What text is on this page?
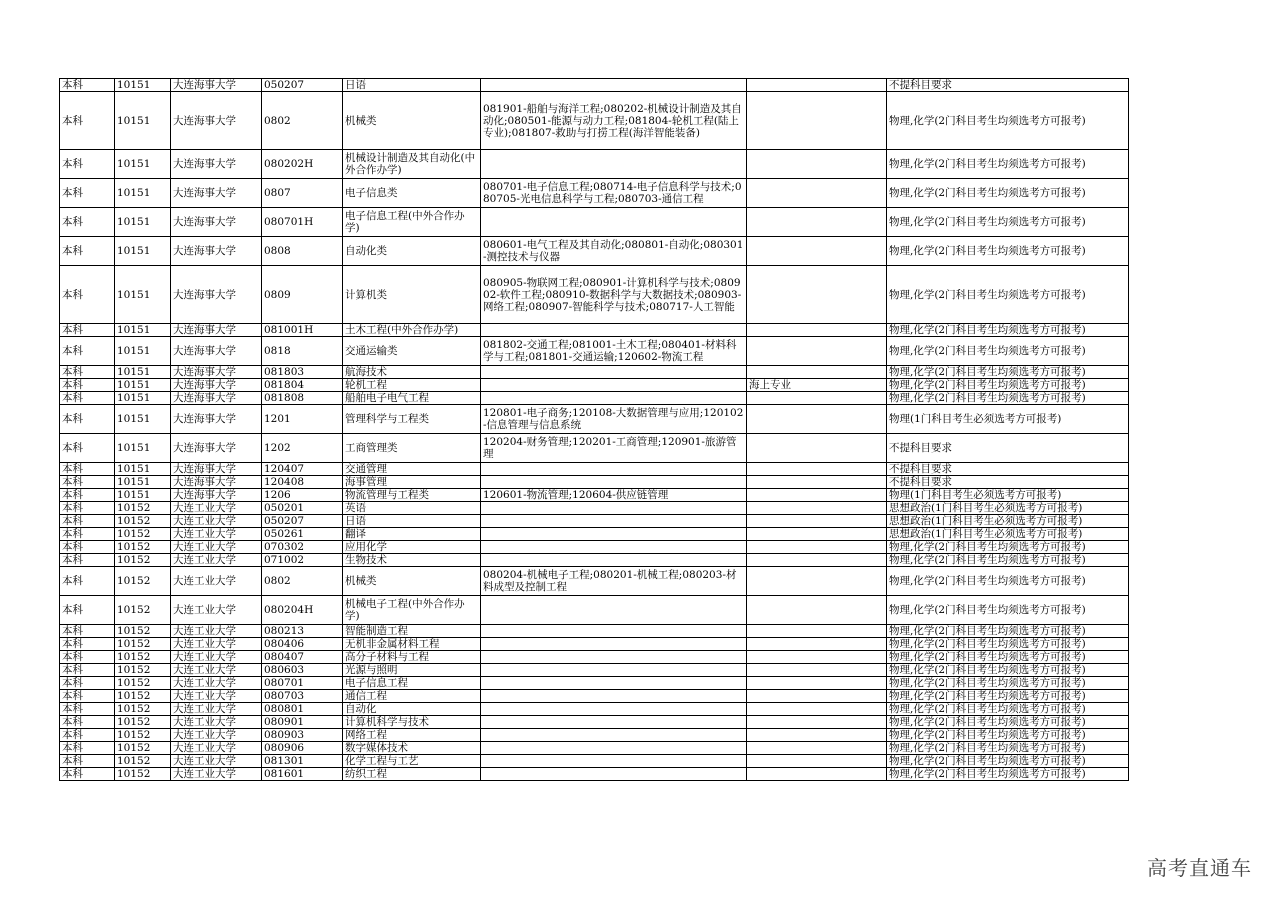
本科	10151	大连海事大学	050207	日语			不提科目要求
本科	10151	大连海事大学	0802	机械类	081901-船舶与海洋工程;080202-机械设计制造及其自动化;080501-能源与动力工程;081804-轮机工程(陆上专业);081807-救助与打捞工程(海洋智能装备)		物理,化学(2门科目考生均须选考方可报考)
本科	10151	大连海事大学	080202H	机械设计制造及其自动化(中外合作办学)			物理,化学(2门科目考生均须选考方可报考)
本科	10151	大连海事大学	0807	电子信息类	080701-电子信息工程;080714-电子信息科学与技术;080705-光电信息科学与工程;080703-通信工程		物理,化学(2门科目考生均须选考方可报考)
本科	10151	大连海事大学	080701H	电子信息工程(中外合作办学)			物理,化学(2门科目考生均须选考方可报考)
本科	10151	大连海事大学	0808	自动化类	080601-电气工程及其自动化;080801-自动化;080301-测控技术与仪器		物理,化学(2门科目考生均须选考方可报考)
本科	10151	大连海事大学	0809	计算机类	080905-物联网工程;080901-计算机科学与技术;080902-软件工程;080910-数据科学与大数据技术;080903-网络工程;080907-智能科学与技术;080717-人工智能		物理,化学(2门科目考生均须选考方可报考)
本科	10151	大连海事大学	081001H	土木工程(中外合作办学)			物理,化学(2门科目考生均须选考方可报考)
本科	10151	大连海事大学	0818	交通运输类	081802-交通工程;081001-土木工程;080401-材料科学与工程;081801-交通运输;120602-物流工程		物理,化学(2门科目考生均须选考方可报考)
本科	10151	大连海事大学	081803	航海技术			物理,化学(2门科目考生均须选考方可报考)
本科	10151	大连海事大学	081804	轮机工程		海上专业	物理,化学(2门科目考生均须选考方可报考)
本科	10151	大连海事大学	081808	船舶电子电气工程			物理,化学(2门科目考生均须选考方可报考)
本科	10151	大连海事大学	1201	管理科学与工程类	120801-电子商务;120108-大数据管理与应用;120102-信息管理与信息系统		物理(1门科目考生必须选考方可报考)
本科	10151	大连海事大学	1202	工商管理类	120204-财务管理;120201-工商管理;120901-旅游管理		不提科目要求
本科	10151	大连海事大学	120407	交通管理			不提科目要求
本科	10151	大连海事大学	120408	海事管理			不提科目要求
本科	10151	大连海事大学	1206	物流管理与工程类	120601-物流管理;120604-供应链管理		物理(1门科目考生必须选考方可报考)
本科	10152	大连工业大学	050201	英语			思想政治(1门科目考生必须选考方可报考)
本科	10152	大连工业大学	050207	日语			思想政治(1门科目考生必须选考方可报考)
本科	10152	大连工业大学	050261	翻译			思想政治(1门科目考生必须选考方可报考)
本科	10152	大连工业大学	070302	应用化学			物理,化学(2门科目考生均须选考方可报考)
本科	10152	大连工业大学	071002	生物技术			物理,化学(2门科目考生均须选考方可报考)
本科	10152	大连工业大学	0802	机械类	080204-机械电子工程;080201-机械工程;080203-材料成型及控制工程		物理,化学(2门科目考生均须选考方可报考)
本科	10152	大连工业大学	080204H	机械电子工程(中外合作办学)			物理,化学(2门科目考生均须选考方可报考)
本科	10152	大连工业大学	080213	智能制造工程			物理,化学(2门科目考生均须选考方可报考)
本科	10152	大连工业大学	080406	无机非金属材料工程			物理,化学(2门科目考生均须选考方可报考)
本科	10152	大连工业大学	080407	高分子材料与工程			物理,化学(2门科目考生均须选考方可报考)
本科	10152	大连工业大学	080603	光源与照明			物理,化学(2门科目考生均须选考方可报考)
本科	10152	大连工业大学	080701	电子信息工程			物理,化学(2门科目考生均须选考方可报考)
本科	10152	大连工业大学	080703	通信工程			物理,化学(2门科目考生均须选考方可报考)
本科	10152	大连工业大学	080801	自动化			物理,化学(2门科目考生均须选考方可报考)
本科	10152	大连工业大学	080901	计算机科学与技术			物理,化学(2门科目考生均须选考方可报考)
本科	10152	大连工业大学	080903	网络工程			物理,化学(2门科目考生均须选考方可报考)
本科	10152	大连工业大学	080906	数字媒体技术			物理,化学(2门科目考生均须选考方可报考)
本科	10152	大连工业大学	081301	化学工程与工艺			物理,化学(2门科目考生均须选考方可报考)
本科	10152	大连工业大学	081601	纺织工程			物理,化学(2门科目考生均须选考方可报考)
高考直通车
